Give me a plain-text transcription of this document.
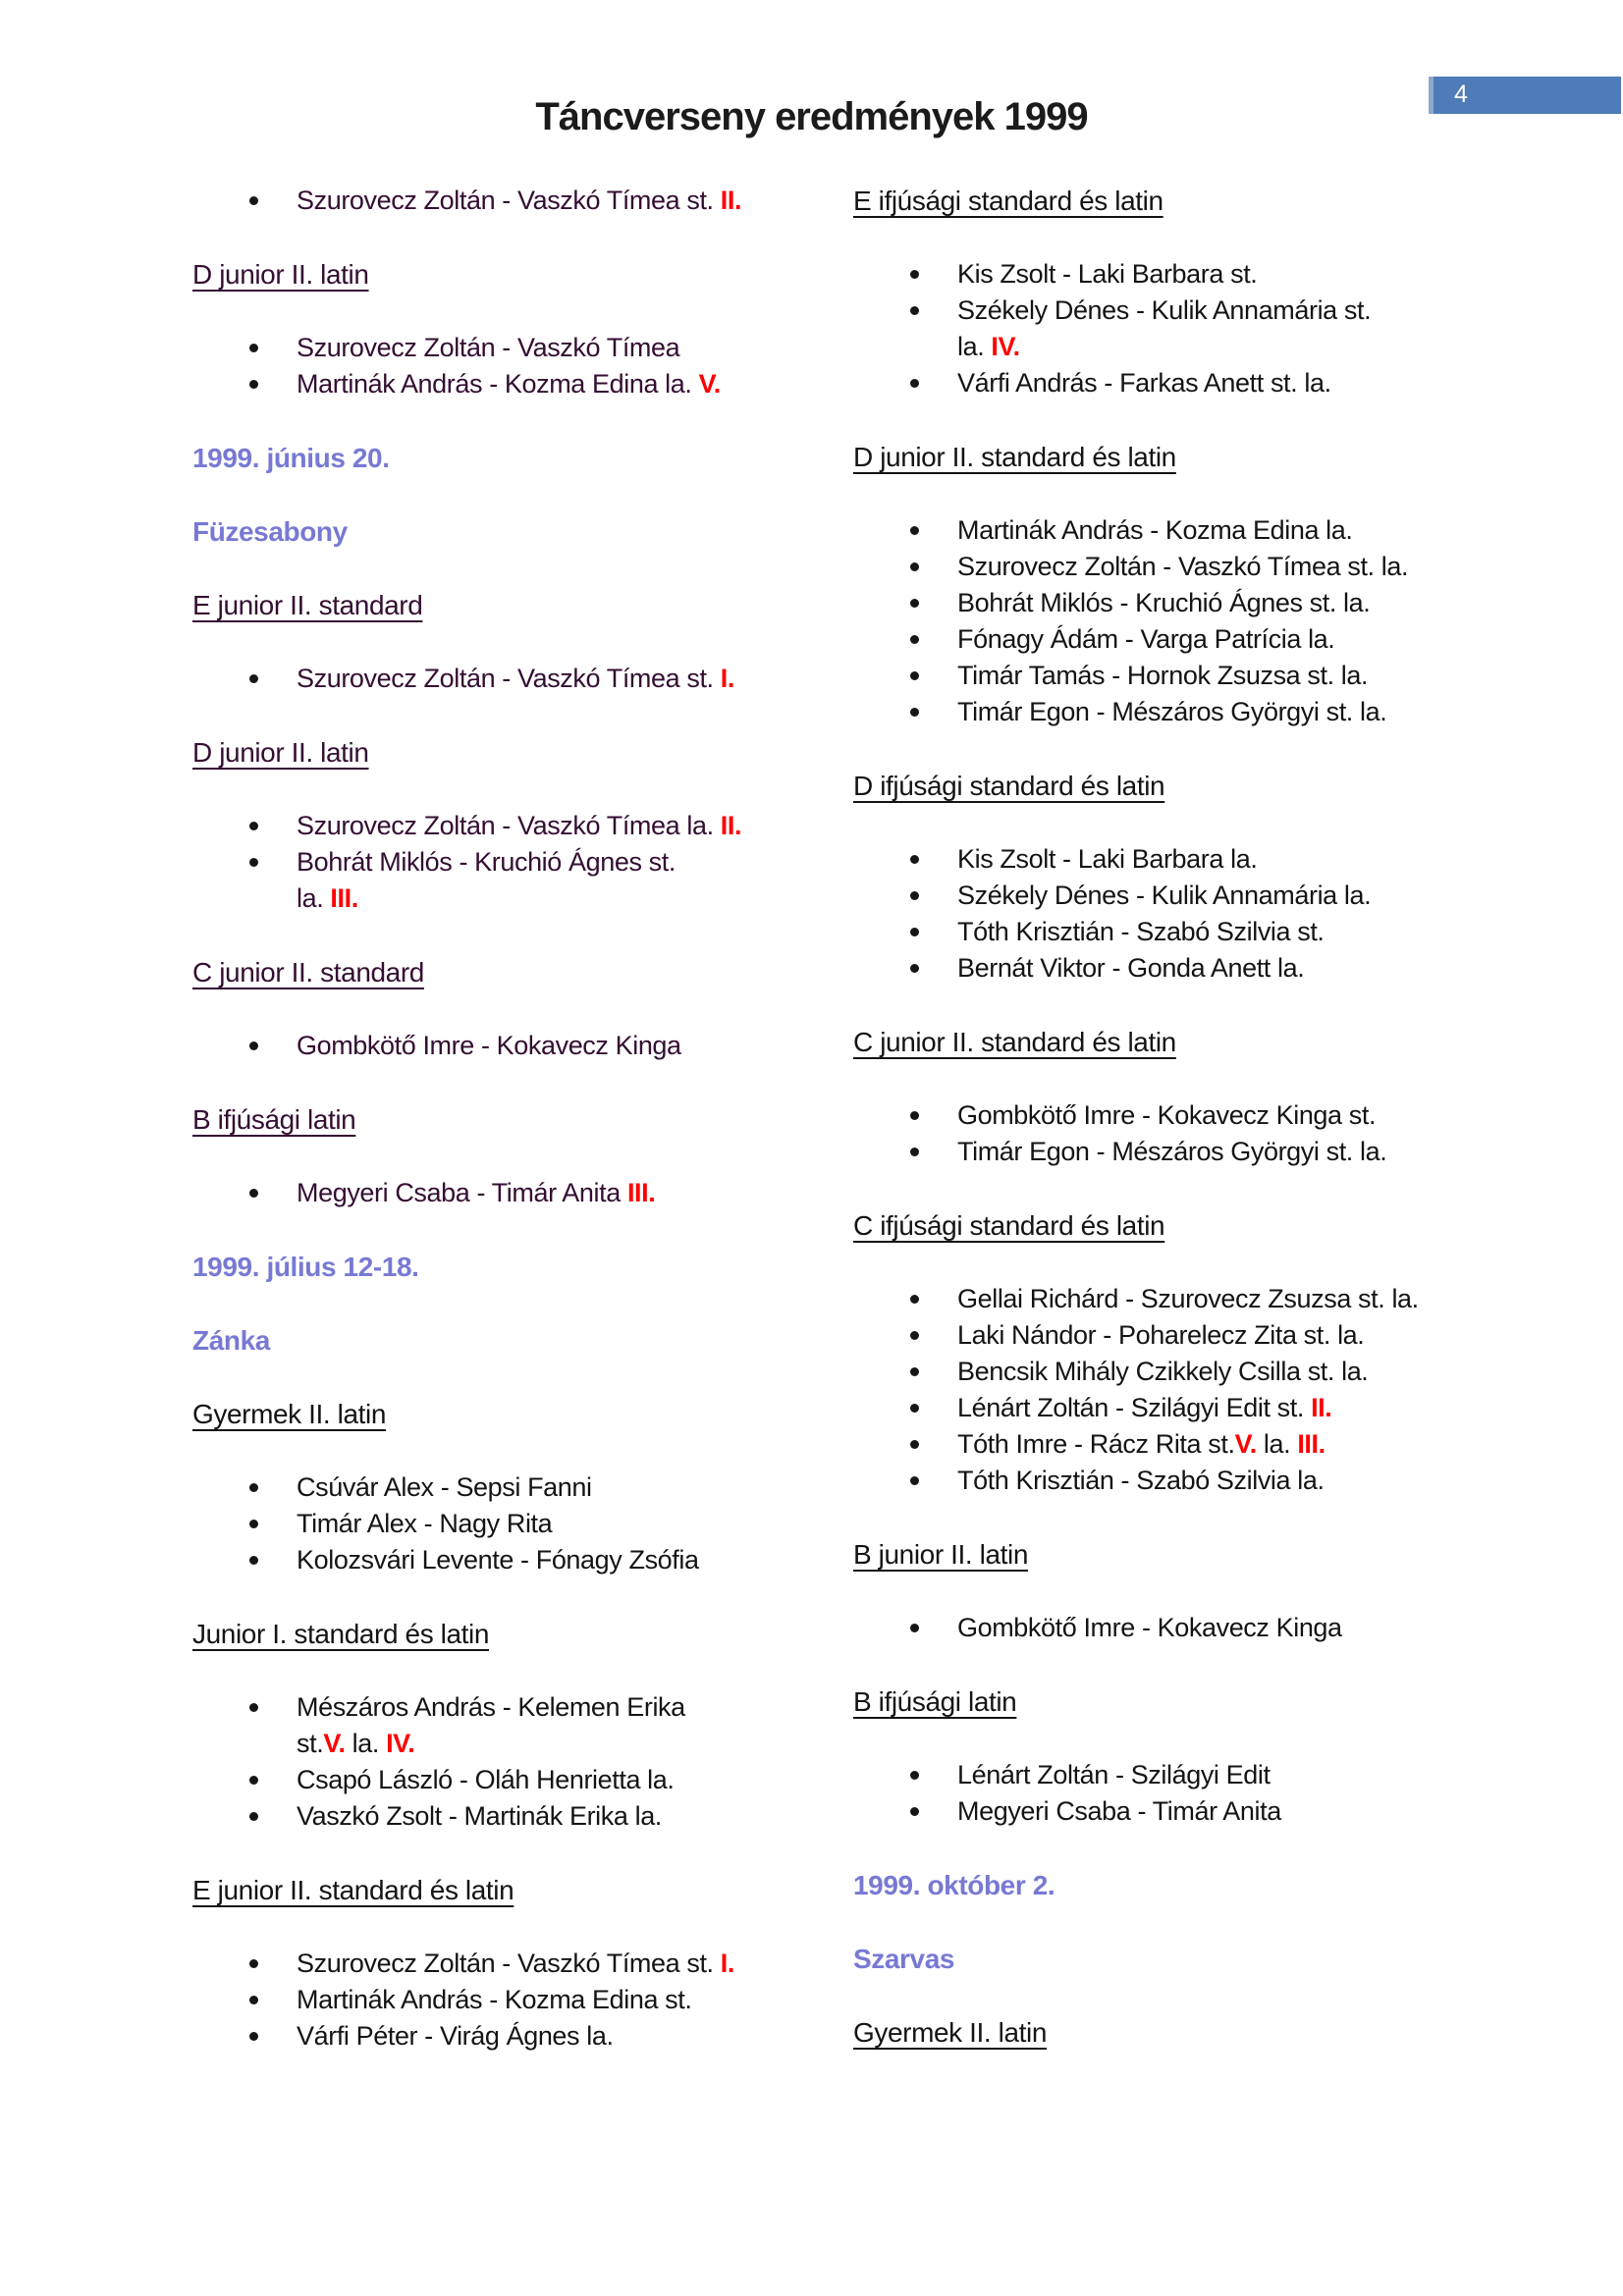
Táncverseny eredmények 1999
4
Szurovecz Zoltán - Vaszkó Tímea st. II.

D junior II. latin

Szurovecz Zoltán - Vaszkó Tímea
Martinák András - Kozma Edina la. V.

1999. június 20.

Füzesabony

E junior II. standard

Szurovecz Zoltán - Vaszkó Tímea st. I.

D junior II. latin

Szurovecz Zoltán - Vaszkó Tímea la. II.
Bohrát Miklós - Kruchió Ágnes st.
la. III.

C junior II. standard

Gombkötő Imre - Kokavecz Kinga

B ifjúsági latin

Megyeri Csaba - Timár Anita III.

1999. július 12-18.

Zánka

Gyermek II. latin

Csúvár Alex - Sepsi Fanni
Timár Alex - Nagy Rita
Kolozsvári Levente - Fónagy Zsófia

Junior I. standard és latin

Mészáros András - Kelemen Erika
st.V. la. IV.
Csapó László - Oláh Henrietta la.
Vaszkó Zsolt - Martinák Erika la.

E junior II. standard és latin

Szurovecz Zoltán - Vaszkó Tímea st. I.
Martinák András - Kozma Edina st.
Várfi Péter - Virág Ágnes la.

E ifjúsági standard és latin

Kis Zsolt - Laki Barbara st.
Székely Dénes - Kulik Annamária st.
la. IV.
Várfi András - Farkas Anett st. la.

D junior II. standard és latin

Martinák András - Kozma Edina la.
Szurovecz Zoltán - Vaszkó Tímea st. la.
Bohrát Miklós - Kruchió Ágnes st. la.
Fónagy Ádám - Varga Patrícia la.
Timár Tamás - Hornok Zsuzsa st. la.
Timár Egon - Mészáros Györgyi st. la.

D ifjúsági standard és latin

Kis Zsolt - Laki Barbara la.
Székely Dénes - Kulik Annamária la.
Tóth Krisztián - Szabó Szilvia st.
Bernát Viktor - Gonda Anett la.

C junior II. standard és latin

Gombkötő Imre - Kokavecz Kinga st.
Timár Egon - Mészáros Györgyi st. la.

C ifjúsági standard és latin

Gellai Richárd - Szurovecz Zsuzsa st. la.
Laki Nándor - Poharelecz Zita st. la.
Bencsik Mihály Czikkely Csilla st. la.
Lénárt Zoltán - Szilágyi Edit st. II.
Tóth Imre - Rácz Rita st.V. la. III.
Tóth Krisztián - Szabó Szilvia la.

B junior II. latin

Gombkötő Imre - Kokavecz Kinga

B ifjúsági latin

Lénárt Zoltán - Szilágyi Edit
Megyeri Csaba - Timár Anita

1999. október 2.

Szarvas

Gyermek II. latin
